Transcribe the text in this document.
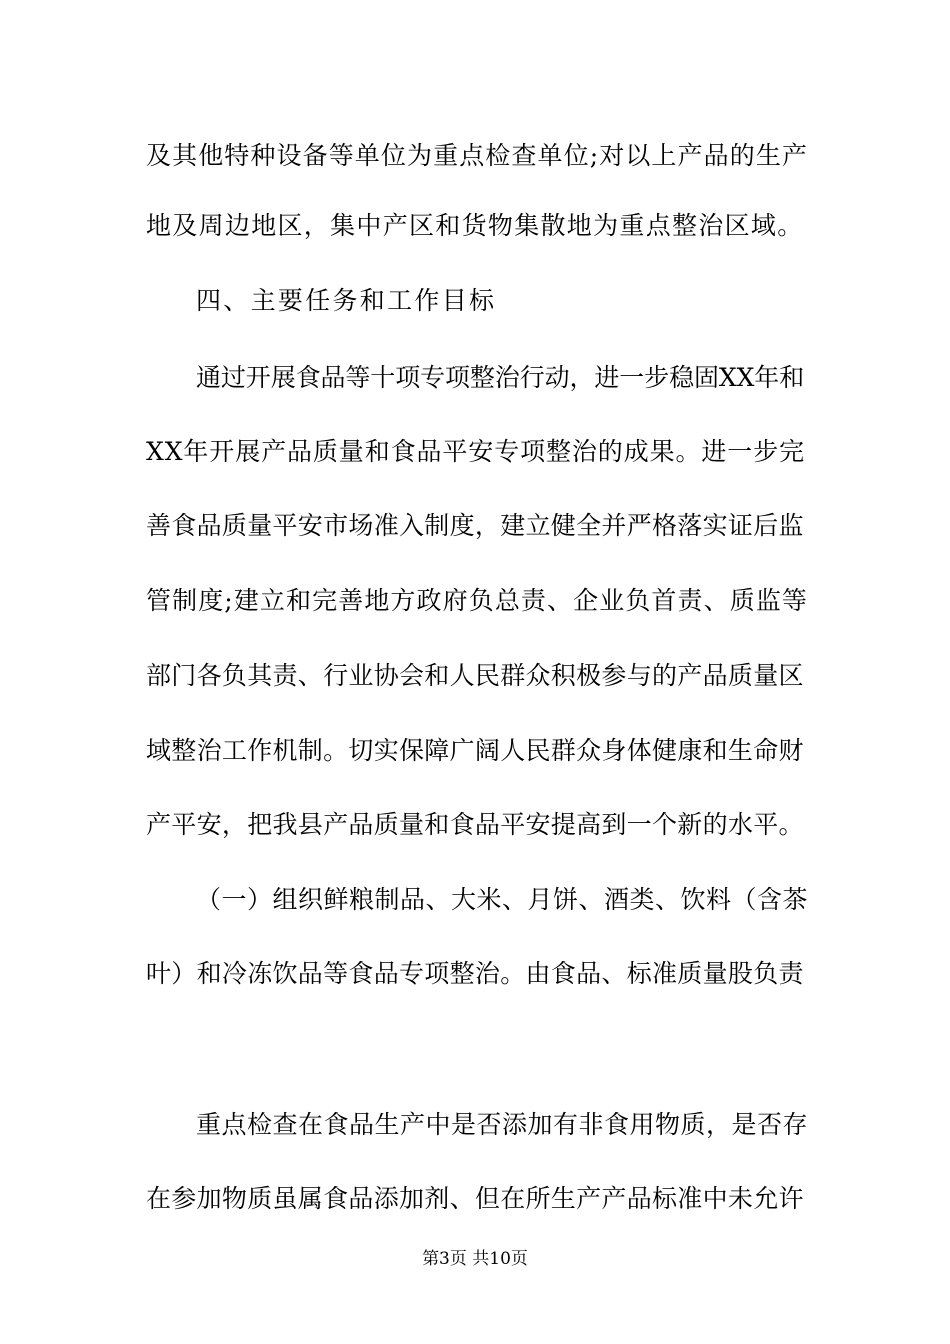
及其他特种设备等单位为重点检查单位;对以上产品的生产
地及周边地区，集中产区和货物集散地为重点整治区域。
四、主要任务和工作目标
通过开展食品等十项专项整治行动，进一步稳固XX年和
XX年开展产品质量和食品平安专项整治的成果。进一步完
善食品质量平安市场准入制度，建立健全并严格落实证后监
管制度;建立和完善地方政府负总责、企业负首责、质监等
部门各负其责、行业协会和人民群众积极参与的产品质量区
域整治工作机制。切实保障广阔人民群众身体健康和生命财
产平安，把我县产品质量和食品平安提高到一个新的水平。
（一）组织鲜粮制品、大米、月饼、酒类、饮料（含茶
叶）和冷冻饮品等食品专项整治。由食品、标准质量股负责
重点检查在食品生产中是否添加有非食用物质，是否存
在参加物质虽属食品添加剂、但在所生产产品标准中未允许
第3页 共10页
